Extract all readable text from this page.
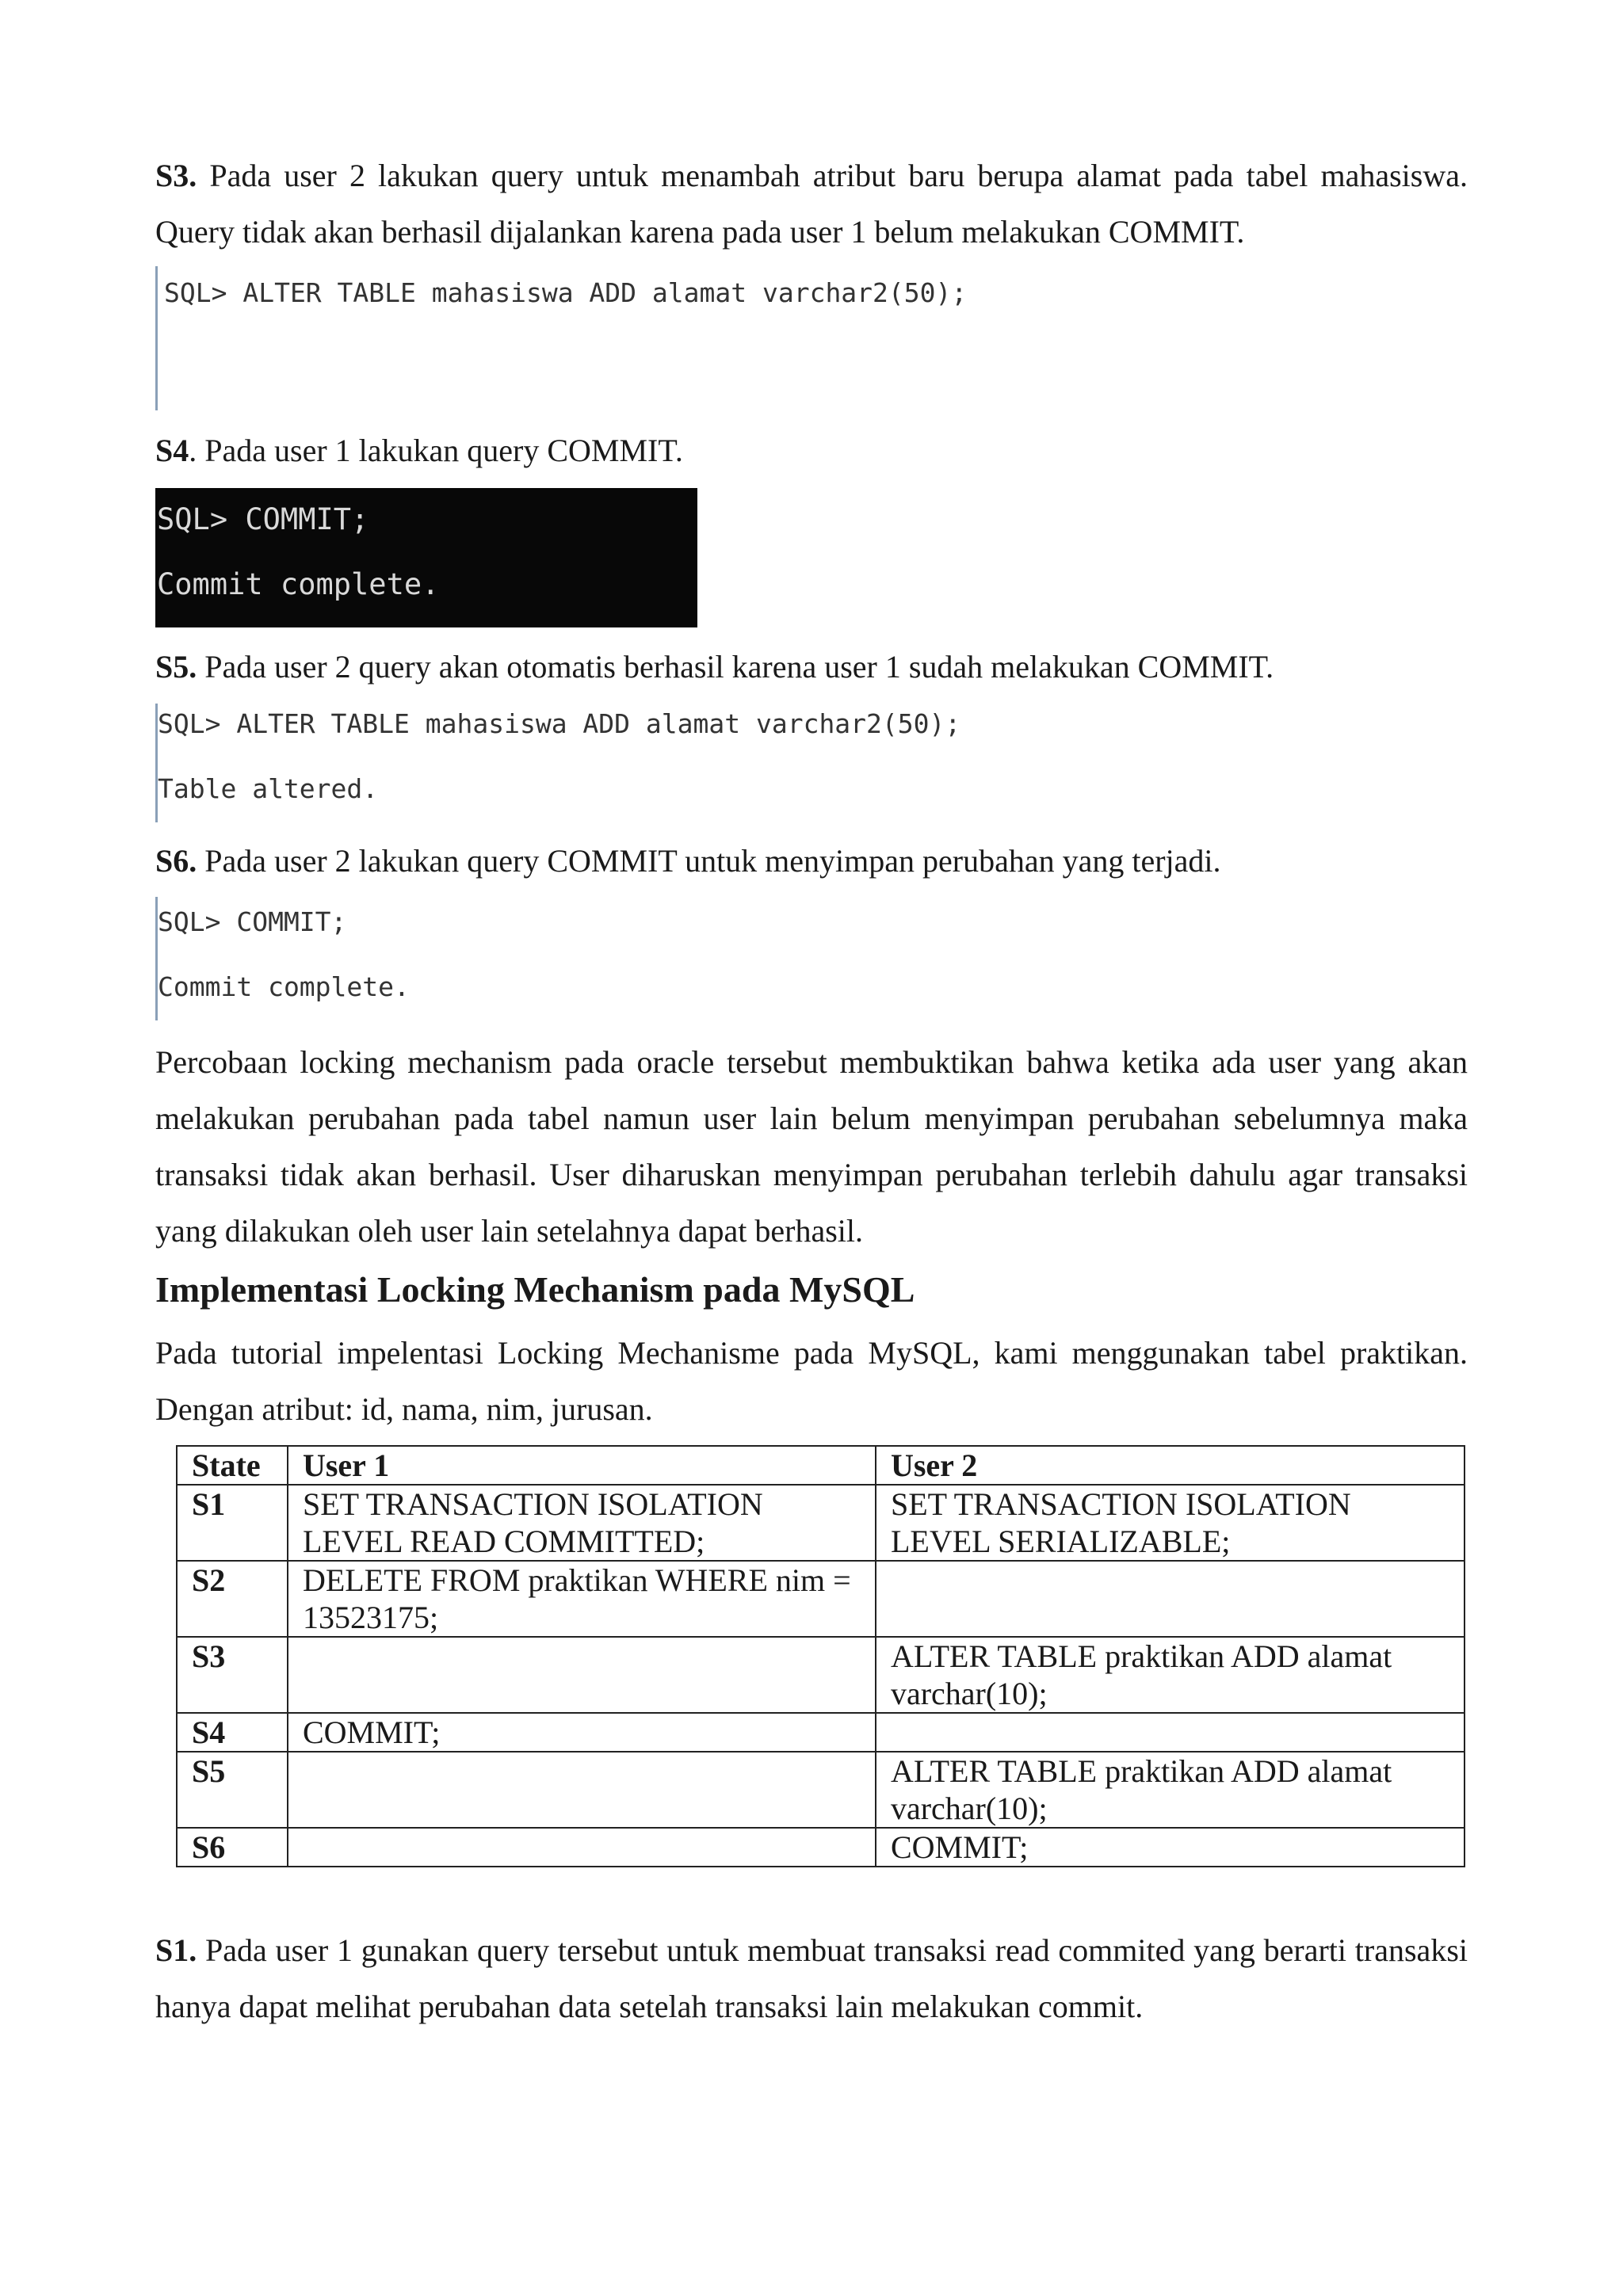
S3. Pada user 2 lakukan query untuk menambah atribut baru berupa alamat pada tabel mahasiswa. Query tidak akan berhasil dijalankan karena pada user 1 belum melakukan COMMIT.

SQL> ALTER TABLE mahasiswa ADD alamat varchar2(50);

S4. Pada user 1 lakukan query COMMIT.

SQL> COMMIT;

Commit complete.

S5. Pada user 2 query akan otomatis berhasil karena user 1 sudah melakukan COMMIT.

SQL> ALTER TABLE mahasiswa ADD alamat varchar2(50);

Table altered.

S6. Pada user 2 lakukan query COMMIT untuk menyimpan perubahan yang terjadi.

SQL> COMMIT;

Commit complete.

Percobaan locking mechanism pada oracle tersebut membuktikan bahwa ketika ada user yang akan melakukan perubahan pada tabel namun user lain belum menyimpan perubahan sebelumnya maka transaksi tidak akan berhasil. User diharuskan menyimpan perubahan terlebih dahulu agar transaksi yang dilakukan oleh user lain setelahnya dapat berhasil.

Implementasi Locking Mechanism pada MySQL

Pada tutorial impelentasi Locking Mechanisme pada MySQL, kami menggunakan tabel praktikan. Dengan atribut: id, nama, nim, jurusan.

State	User 1	User 2
S1	SET TRANSACTION ISOLATION LEVEL READ COMMITTED;	SET TRANSACTION ISOLATION LEVEL SERIALIZABLE;
S2	DELETE FROM praktikan WHERE nim = 13523175;	
S3		ALTER TABLE praktikan ADD alamat varchar(10);
S4	COMMIT;	
S5		ALTER TABLE praktikan ADD alamat varchar(10);
S6		COMMIT;

S1. Pada user 1 gunakan query tersebut untuk membuat transaksi read commited yang berarti transaksi hanya dapat melihat perubahan data setelah transaksi lain melakukan commit.
